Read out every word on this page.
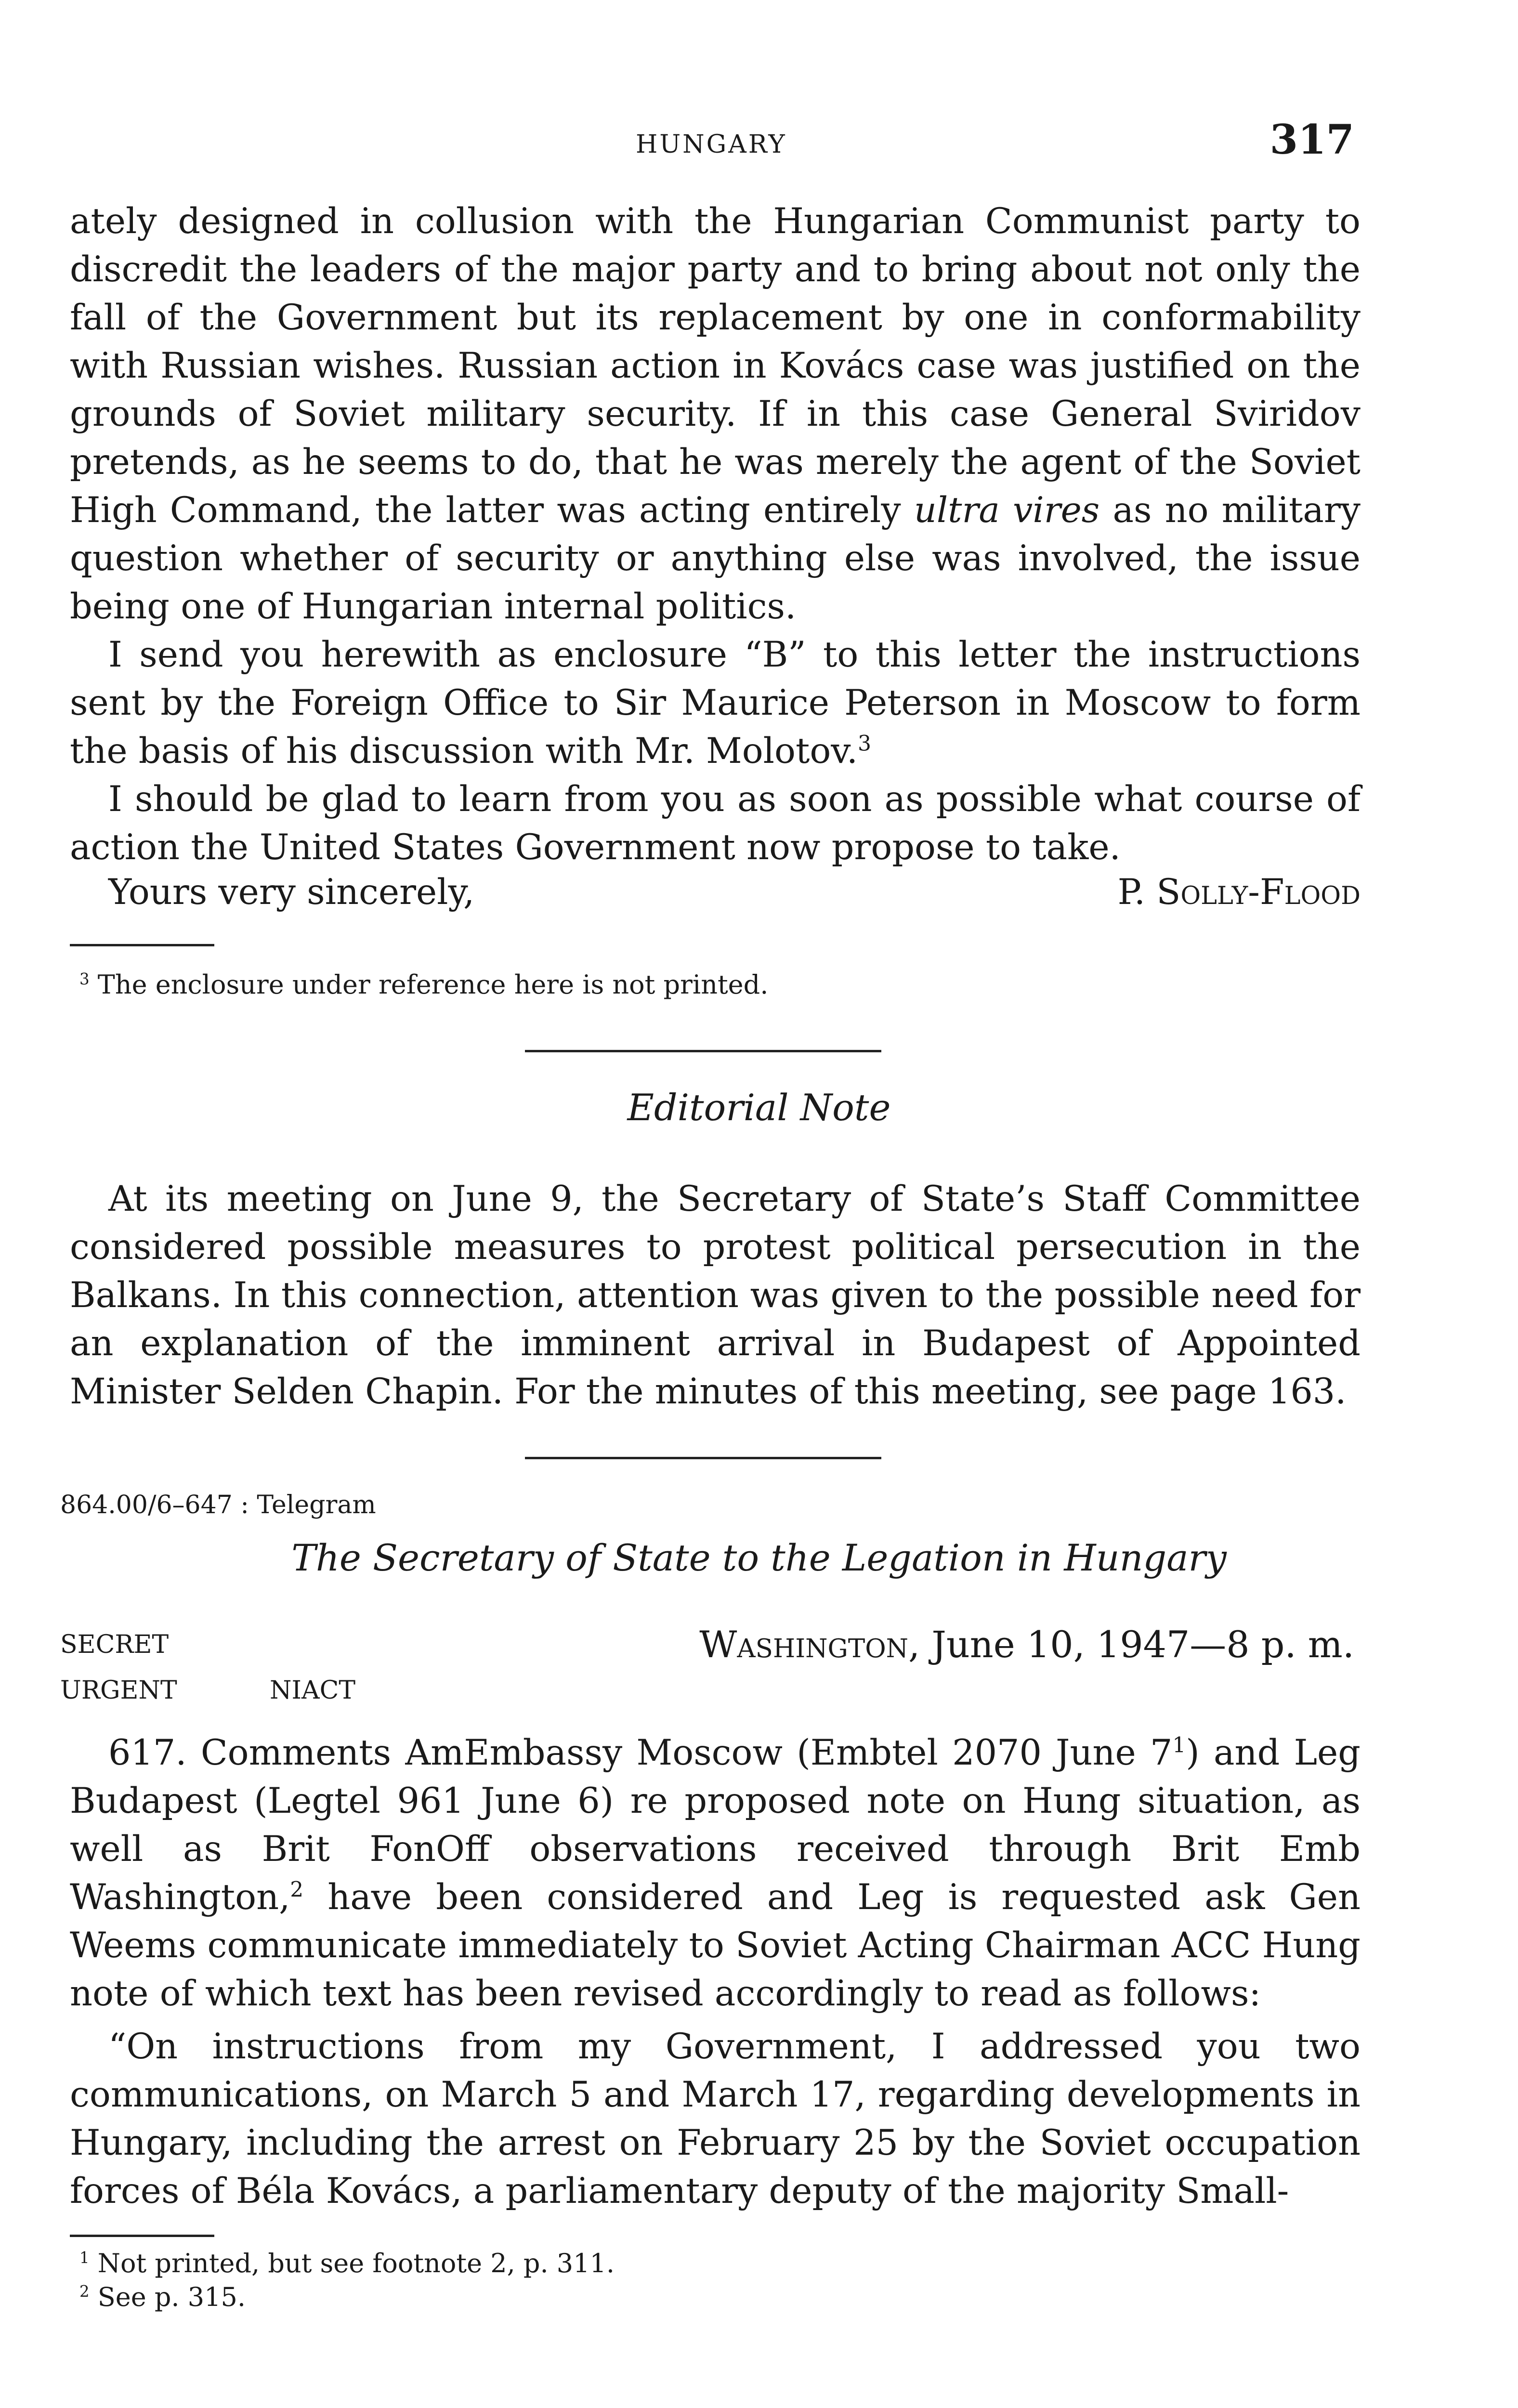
HUNGARY	317

ately designed in collusion with the Hungarian Communist party to discredit the leaders of the major party and to bring about not only the fall of the Government but its replacement by one in conformability with Russian wishes. Russian action in Kovács case was justified on the grounds of Soviet military security. If in this case General Sviridov pretends, as he seems to do, that he was merely the agent of the Soviet High Command, the latter was acting entirely ultra vires as no military question whether of security or anything else was involved, the issue being one of Hungarian internal politics.

I send you herewith as enclosure “B” to this letter the instructions sent by the Foreign Office to Sir Maurice Peterson in Moscow to form the basis of his discussion with Mr. Molotov.$^3$

I should be glad to learn from you as soon as possible what course of action the United States Government now propose to take.

Yours very sincerely,	P. Solly-Flood

$^3$ The enclosure under reference here is not printed.

Editorial Note

At its meeting on June 9, the Secretary of State’s Staff Committee considered possible measures to protest political persecution in the Balkans. In this connection, attention was given to the possible need for an explanation of the imminent arrival in Budapest of Appointed Minister Selden Chapin. For the minutes of this meeting, see page 163.

864.00/6–647 : Telegram
The Secretary of State to the Legation in Hungary
SECRET
URGENT	NIACT
Washington, June 10, 1947—8 p. m.

617. Comments AmEmbassy Moscow (Embtel 2070 June $7^1$) and Leg Budapest (Legtel 961 June 6) re proposed note on Hung situation, as well as Brit FonOff observations received through Brit Emb Washington,$^2$ have been considered and Leg is requested ask Gen Weems communicate immediately to Soviet Acting Chairman ACC Hung note of which text has been revised accordingly to read as follows:

“On instructions from my Government, I addressed you two communications, on March 5 and March 17, regarding developments in Hungary, including the arrest on February 25 by the Soviet occupation forces of Béla Kovács, a parliamentary deputy of the majority Small-

$^1$ Not printed, but see footnote 2, p. 311.

$^2$ See p. 315.
